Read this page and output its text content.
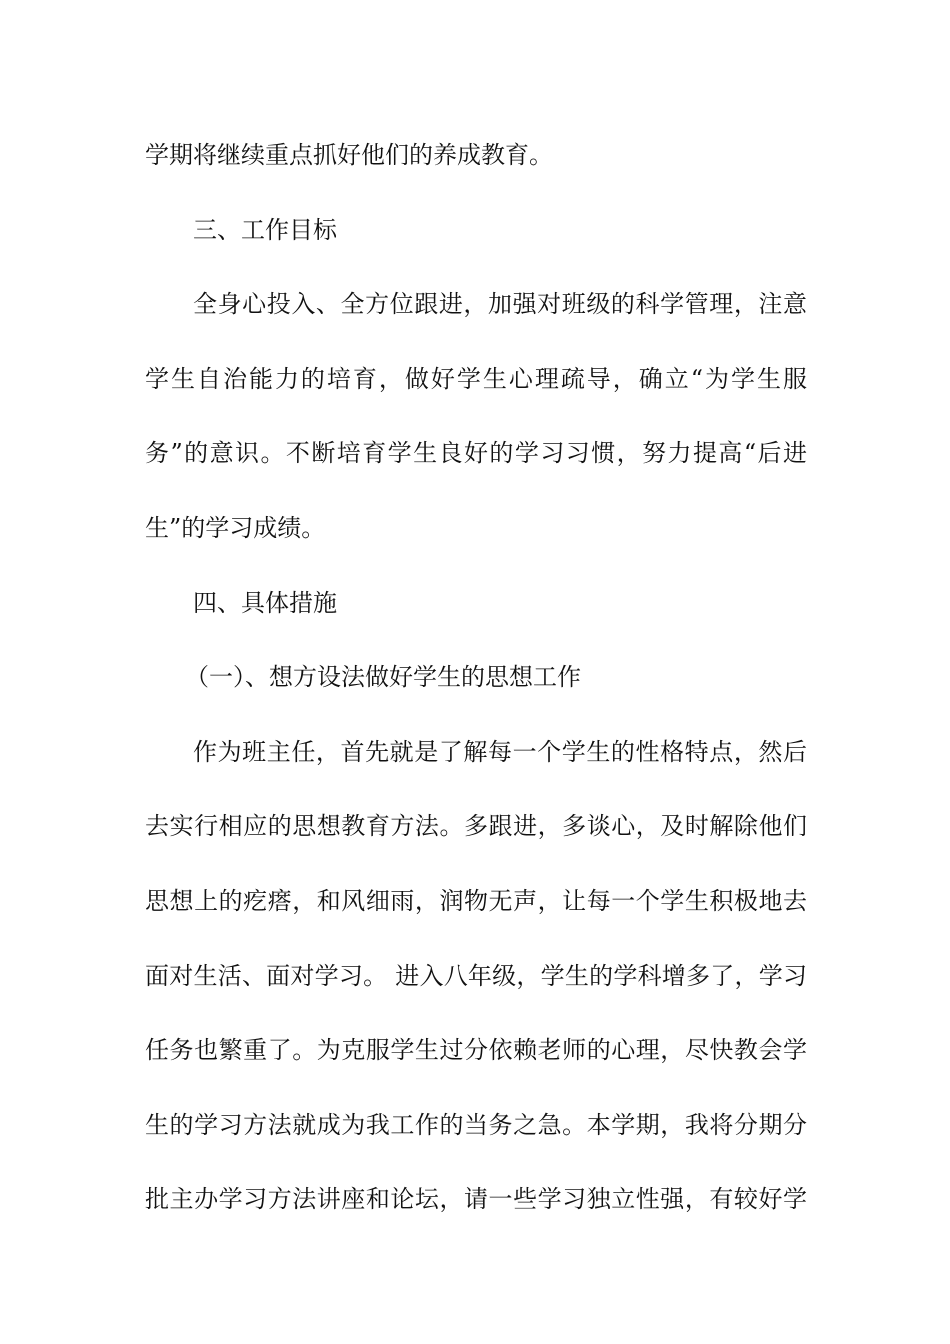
学期将继续重点抓好他们的养成教育。
三、工作目标
全身心投入、全方位跟进，加强对班级的科学管理，注意
学生自治能力的培育，做好学生心理疏导，确立“为学生服
务”的意识。不断培育学生良好的学习习惯，努力提高“后进
生”的学习成绩。
四、具体措施
（一）、想方设法做好学生的思想工作
作为班主任，首先就是了解每一个学生的性格特点，然后
去实行相应的思想教育方法。多跟进，多谈心，及时解除他们
思想上的疙瘩，和风细雨，润物无声，让每一个学生积极地去
面对生活、面对学习。 进入八年级，学生的学科增多了，学习
任务也繁重了。为克服学生过分依赖老师的心理，尽快教会学
生的学习方法就成为我工作的当务之急。本学期，我将分期分
批主办学习方法讲座和论坛，请一些学习独立性强，有较好学
